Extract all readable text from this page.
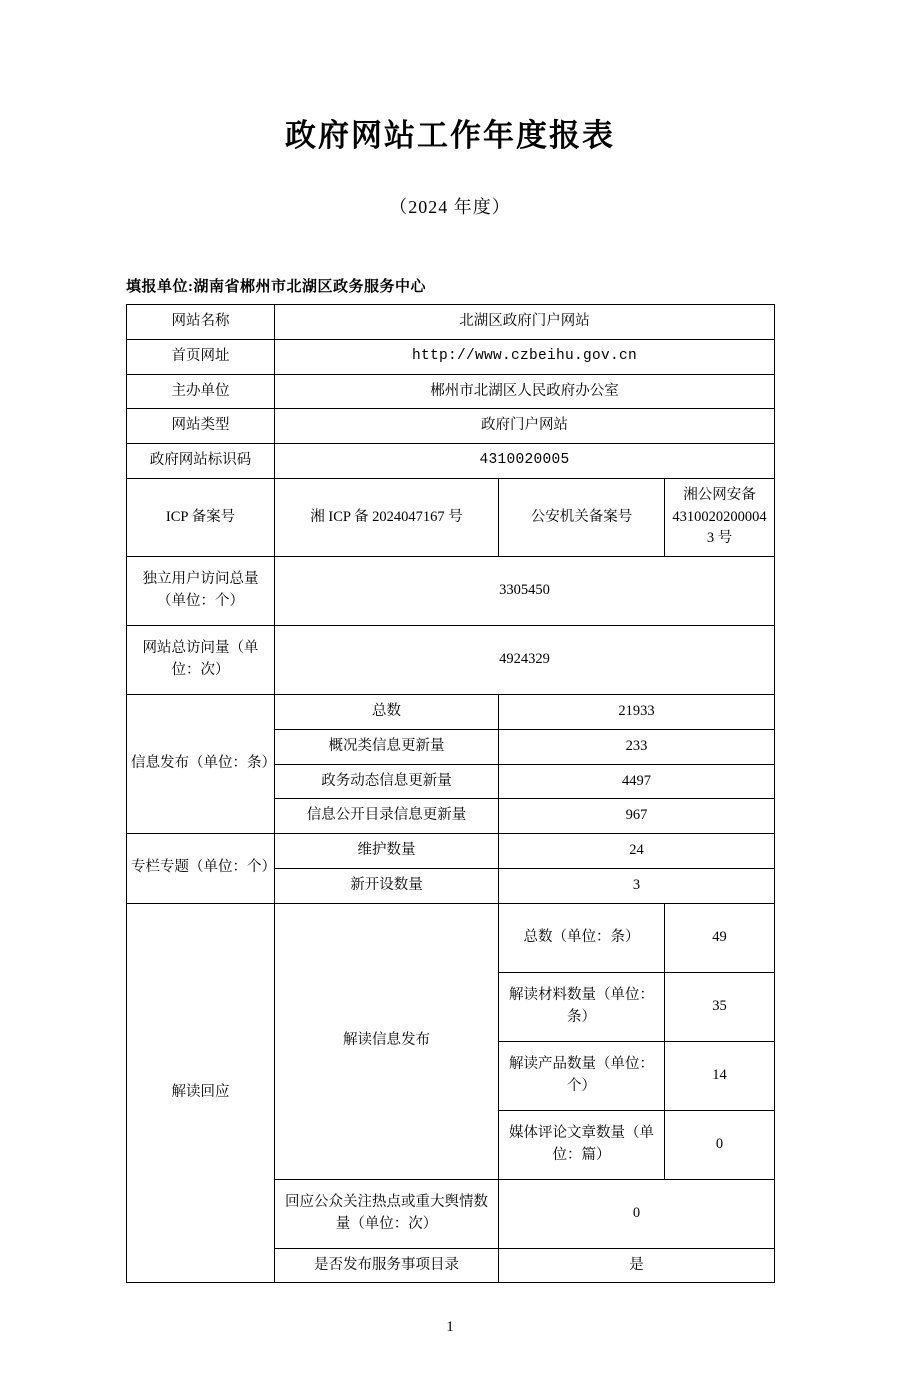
政府网站工作年度报表
（2024 年度）
填报单位:湖南省郴州市北湖区政务服务中心
网站名称	北湖区政府门户网站		
首页网址	http://www.czbeihu.gov.cn		
主办单位	郴州市北湖区人民政府办公室		
网站类型	政府门户网站		
政府网站标识码	4310020005		
ICP 备案号	湘 ICP 备 2024047167 号	公安机关备案号	湘公网安备 43100202000043 号
独立用户访问总量（单位：个）	3305450		
网站总访问量（单位：次）	4924329		
信息发布（单位：条）	总数	21933	
	概况类信息更新量	233	
	政务动态信息更新量	4497	
	信息公开目录信息更新量	967	
专栏专题（单位：个）	维护数量	24	
	新开设数量	3	
解读回应	解读信息发布	总数（单位：条）	49
		解读材料数量（单位：条）	35
		解读产品数量（单位：个）	14
		媒体评论文章数量（单位：篇）	0
	回应公众关注热点或重大舆情数量（单位：次）	0	
	是否发布服务事项目录	是	
1
